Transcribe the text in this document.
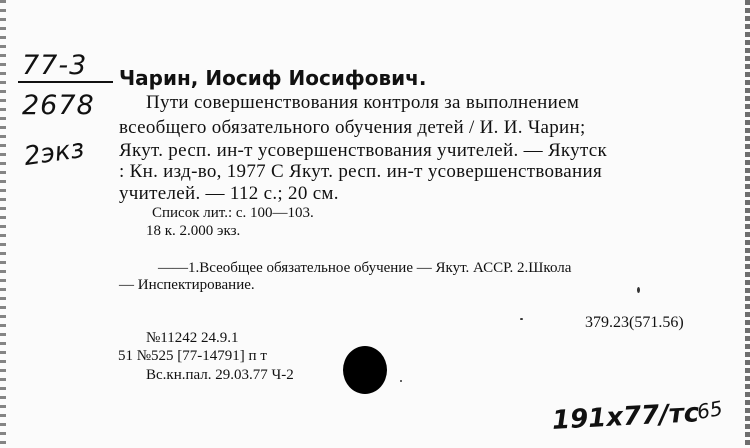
77-3
2678
2экз
Чарин, Иосиф Иосифович.
Пути совершенствования контроля за выполнением
всеобщего обязательного обучения детей / И. И. Чарин;
Якут. респ. ин-т усовершенствования учителей. — Якутск
: Кн. изд-во, 1977 С Якут. респ. ин-т усовершенствования
учителей. — 112 с.; 20 см.
Список лит.: с. 100—103.
18 к. 2.000 экз.
——1.Всеобщее обязательное обучение — Якут. АССР. 2.Школа
— Инспектирование.
379.23(571.56)
№11242 24.9.1
51 №525 [77-14791] п т
Вс.кн.пал. 29.03.77 Ч-2
191х77/тс
65
